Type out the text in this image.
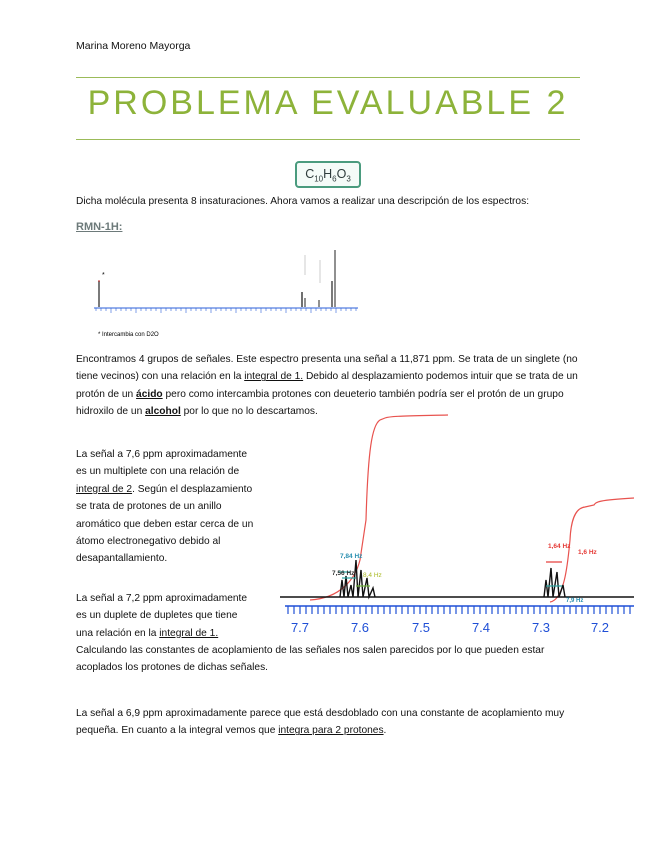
Marina Moreno Mayorga
PROBLEMA EVALUABLE 2
$C_{10}H_6O_3$
Dicha molécula presenta 8 insaturaciones. Ahora vamos a realizar una descripción de los espectros:
RMN-1H:
*
* Intercambia con D2O
Encontramos 4 grupos de señales. Este espectro presenta una señal a 11,871 ppm. Se trata de un singlete (no tiene vecinos) con una relación en la integral de 1. Debido al desplazamiento podemos intuir que se trata de un protón de un ácido pero como intercambia protones con deueterio también podría ser el protón de un grupo hidroxilo de un alcohol por lo que no lo descartamos.
La señal a 7,6 ppm aproximadamente es un multiplete con una relación de integral de 2. Según el desplazamiento se trata de protones de un anillo aromático que deben estar cerca de un átomo electronegativo debido al desapantallamiento.
La señal a 7,2 ppm aproximadamente es un duplete de dupletes que tiene una relación en la integral de 1.
Calculando las constantes de acoplamiento de las señales nos salen parecidos por lo que pueden estar acoplados los protones de dichas señales.
La señal a 6,9 ppm aproximadamente parece que está desdoblado con una constante de acoplamiento muy pequeña. En cuanto a la integral vemos que integra para 2 protones.
7,84 Hz
7,56 Hz 8,4 Hz
1,64 Hz
1,6 Hz
7,9 Hz
7.7	7.6	7.5	7.4	7.3	7.2
